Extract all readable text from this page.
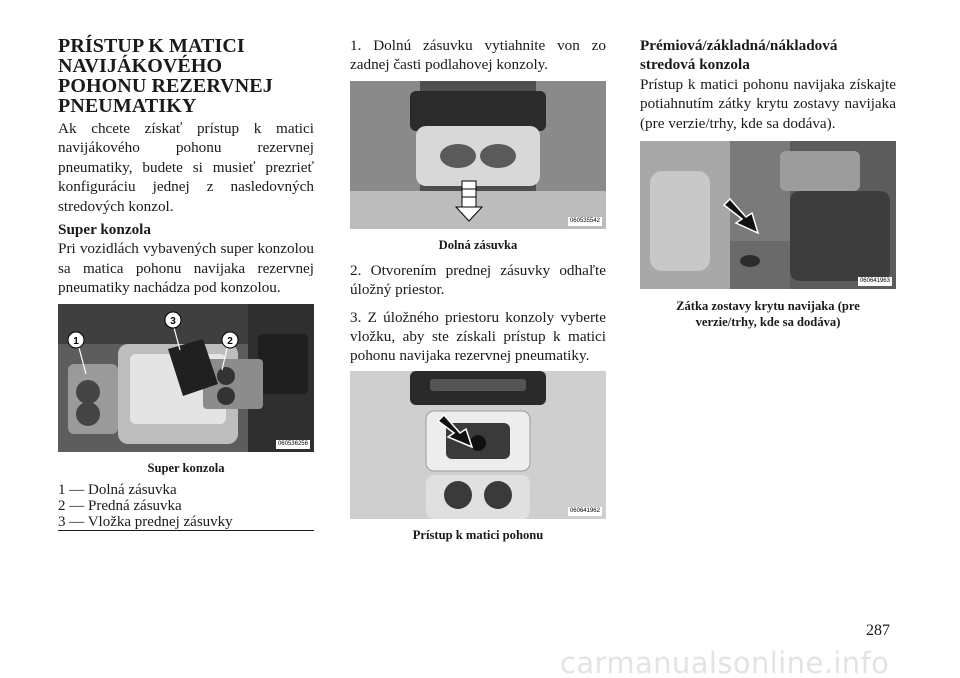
PRÍSTUP K MATICI
NAVIJÁKOVÉHO
POHONU REZERVNEJ
PNEUMATIKY

Ak chcete získať prístup k matici navijákového pohonu rezervnej pneumatiky, budete si musieť prezrieť konfiguráciu jednej z nasledovných stredových konzol.

Super konzola

Pri vozidlách vybavených super konzolou sa matica pohonu navijaka rezervnej pneumatiky nachádza pod konzolou.

1
3
2
060536256
Super konzola
1 — Dolná zásuvka
2 — Predná zásuvka
3 — Vložka prednej zásuvky

1. Dolnú zásuvku vytiahnite von zo zadnej časti podlahovej konzoly.

060535542
Dolná zásuvka

2. Otvorením prednej zásuvky odhaľte úložný priestor.

3. Z úložného priestoru konzoly vyberte vložku, aby ste získali prístup k matici pohonu navijaka rezervnej pneumatiky.

060641962
Prístup k matici pohonu
Prémiová/základná/nákladová
stredová konzola

Prístup k matici pohonu navijaka získajte potiahnutím zátky krytu zostavy navijaka (pre verzie/trhy, kde sa dodáva).

060641963
Zátka zostavy krytu navijaka (pre
verzie/trhy, kde sa dodáva)
287
carmanualsonline.info
